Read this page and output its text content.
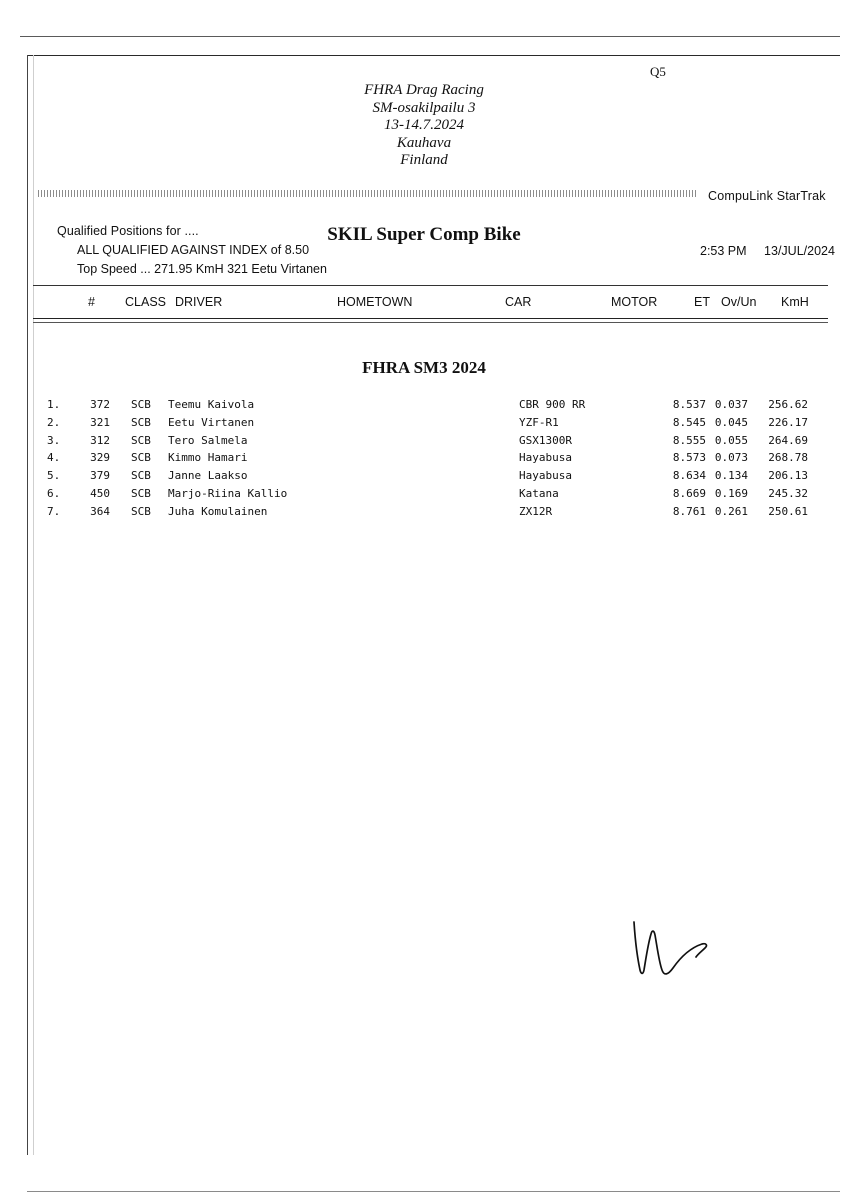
Q5
FHRA Drag Racing
SM-osakilpailu 3
13-14.7.2024
Kauhava
Finland
CompuLink StarTrak
Qualified Positions for ....
ALL QUALIFIED AGAINST INDEX of 8.50
Top Speed ... 271.95 KmH 321 Eetu Virtanen
SKIL Super Comp Bike
2:53 PM 13/JUL/2024
# CLASS DRIVER	HOMETOWN	CAR	MOTOR	ET Ov/Un KmH
FHRA SM3 2024
1.	372 SCB Teemu Kaivola	CBR 900 RR	8.537 0.037 256.62
2.	321 SCB Eetu Virtanen	YZF-R1	8.545 0.045 226.17
3.	312 SCB Tero Salmela	GSX1300R	8.555 0.055 264.69
4.	329 SCB Kimmo Hamari	Hayabusa	8.573 0.073 268.78
5.	379 SCB Janne Laakso	Hayabusa	8.634 0.134 206.13
6.	450 SCB Marjo-Riina Kallio	Katana	8.669 0.169 245.32
7.	364 SCB Juha Komulainen	ZX12R	8.761 0.261 250.61
